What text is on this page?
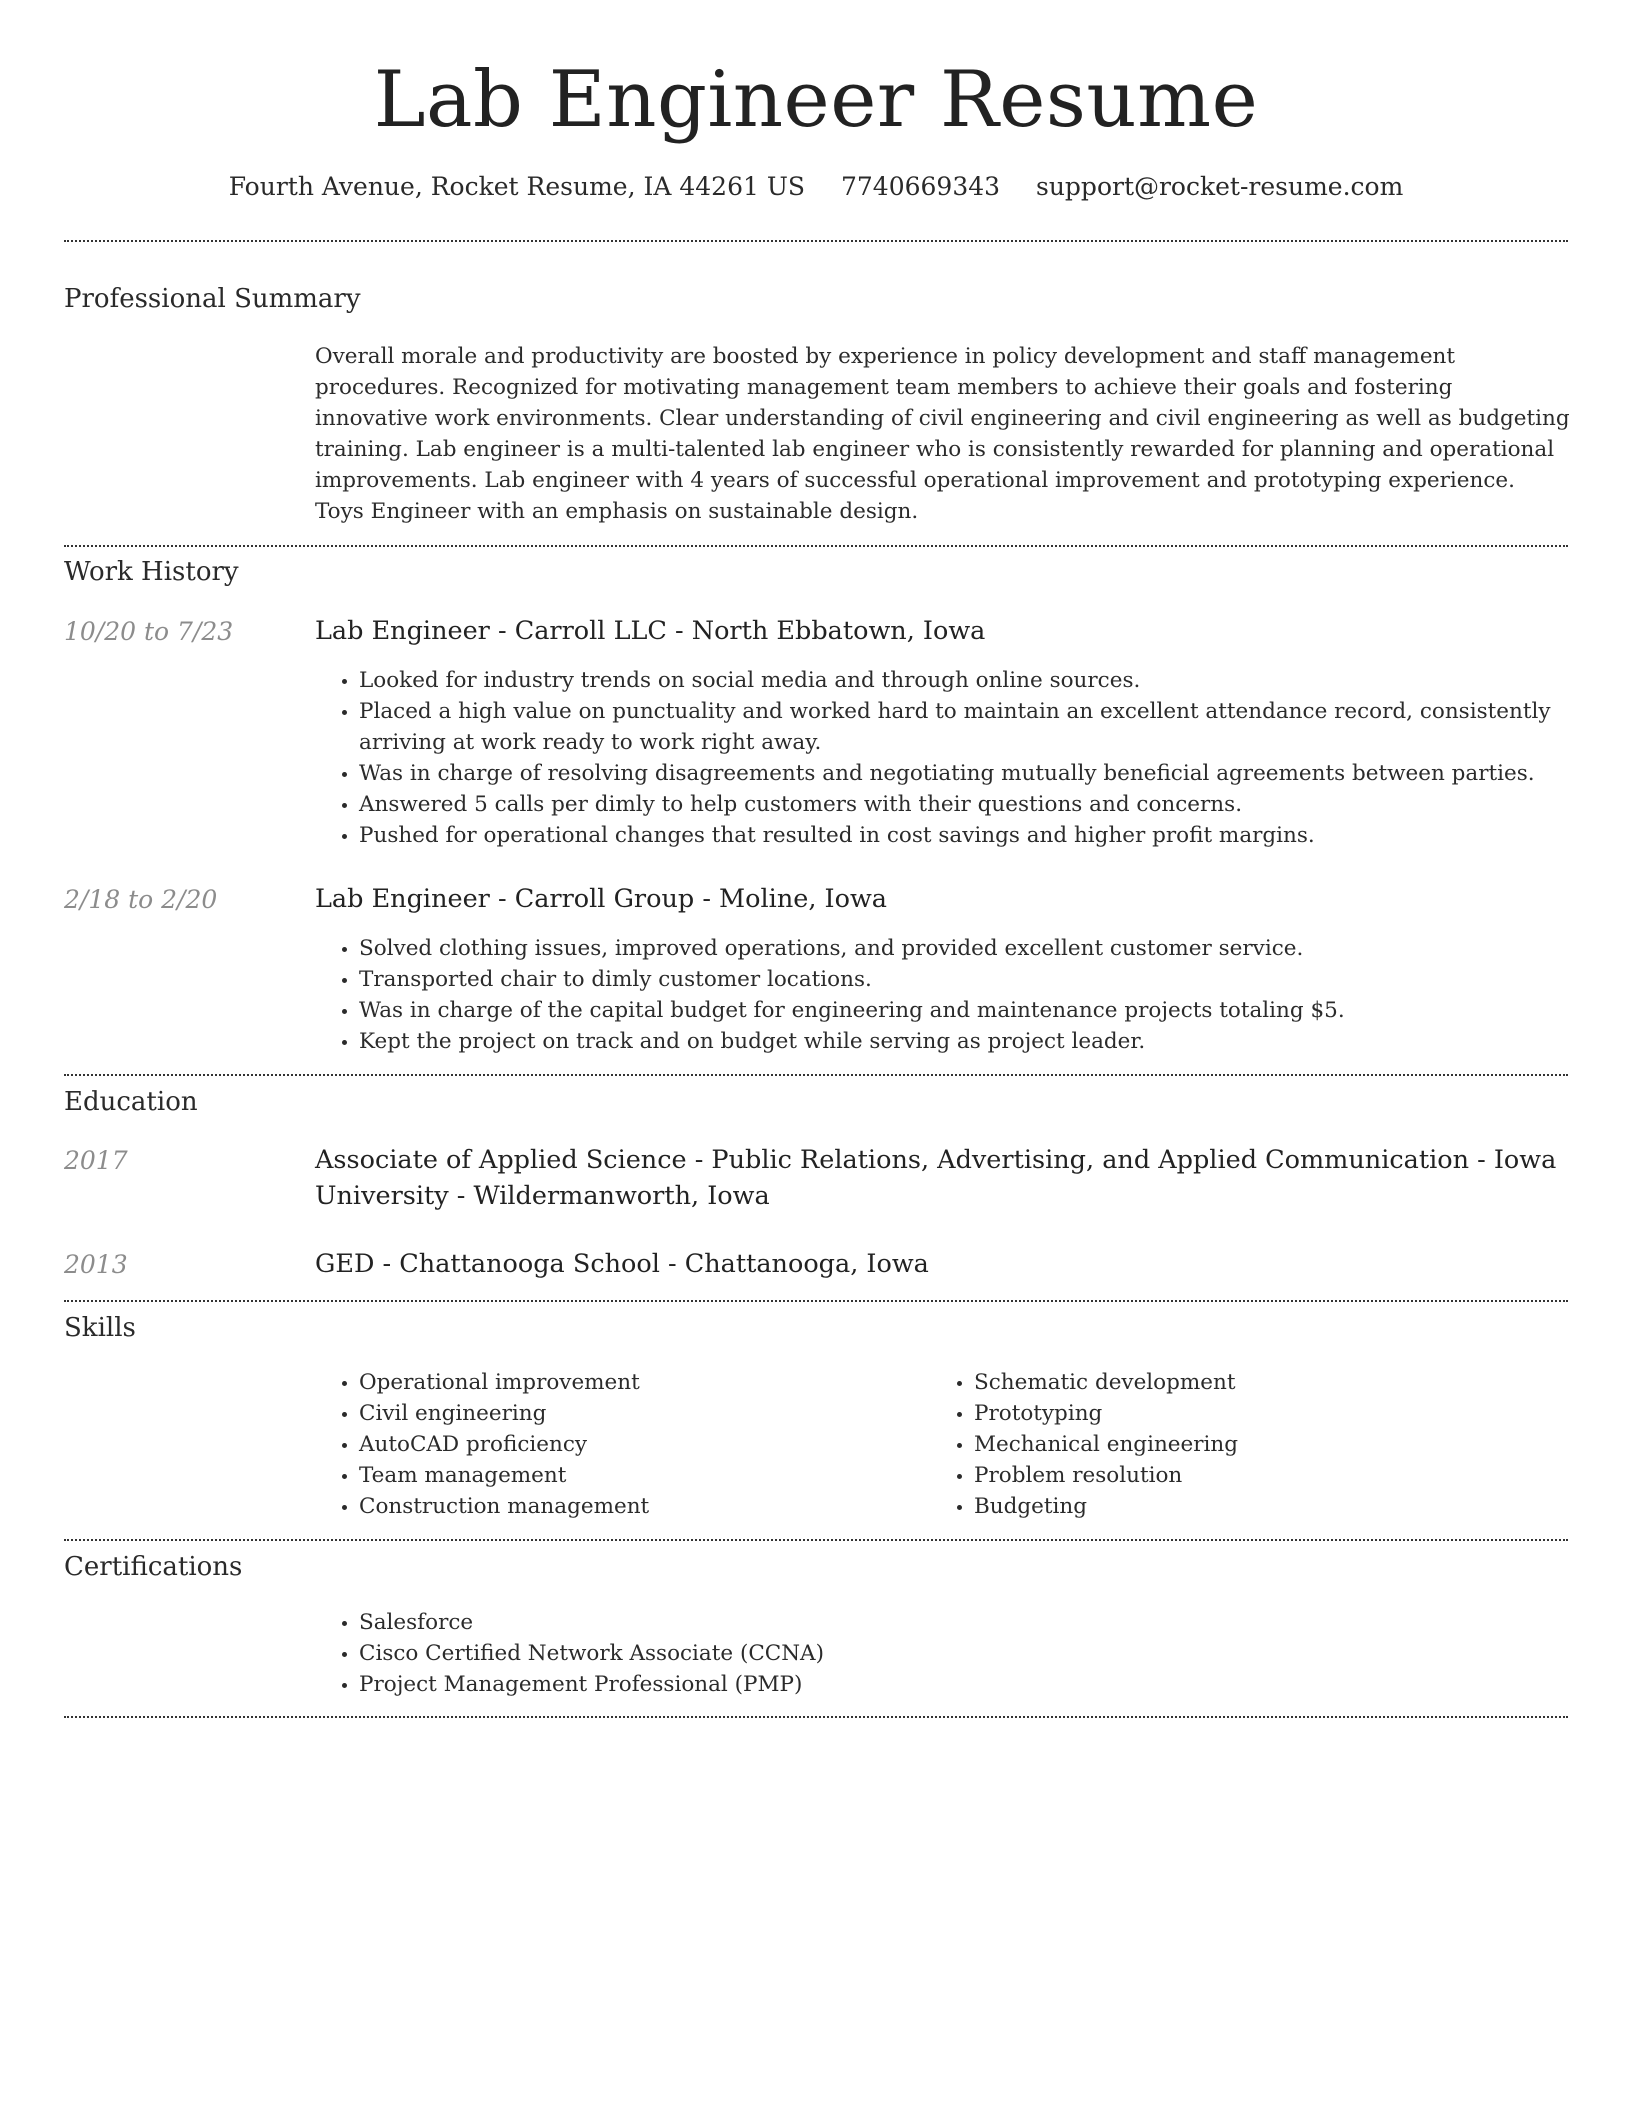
Lab Engineer Resume
Fourth Avenue, Rocket Resume, IA 44261 US 7740669343 support@rocket-resume.com
Professional Summary

Overall morale and productivity are boosted by experience in policy development and staff management procedures. Recognized for motivating management team members to achieve their goals and fostering innovative work environments. Clear understanding of civil engineering and civil engineering as well as budgeting training. Lab engineer is a multi-talented lab engineer who is consistently rewarded for planning and operational improvements. Lab engineer with 4 years of successful operational improvement and prototyping experience. Toys Engineer with an emphasis on sustainable design.

Work History
10/20 to 7/23	Lab Engineer - Carroll LLC - North Ebbatown, Iowa
• Looked for industry trends on social media and through online sources.
• Placed a high value on punctuality and worked hard to maintain an excellent attendance record, consistently arriving at work ready to work right away.
• Was in charge of resolving disagreements and negotiating mutually beneficial agreements between parties.
• Answered 5 calls per dimly to help customers with their questions and concerns.
• Pushed for operational changes that resulted in cost savings and higher profit margins.
2/18 to 2/20	Lab Engineer - Carroll Group - Moline, Iowa
• Solved clothing issues, improved operations, and provided excellent customer service.
• Transported chair to dimly customer locations.
• Was in charge of the capital budget for engineering and maintenance projects totaling $5.
• Kept the project on track and on budget while serving as project leader.
Education
2017	Associate of Applied Science - Public Relations, Advertising, and Applied Communication - Iowa University - Wildermanworth, Iowa
2013	GED - Chattanooga School - Chattanooga, Iowa
Skills
• Operational improvement
• Civil engineering
• AutoCAD proficiency
• Team management
• Construction management
• Schematic development
• Prototyping
• Mechanical engineering
• Problem resolution
• Budgeting
Certifications
• Salesforce
• Cisco Certified Network Associate (CCNA)
• Project Management Professional (PMP)
